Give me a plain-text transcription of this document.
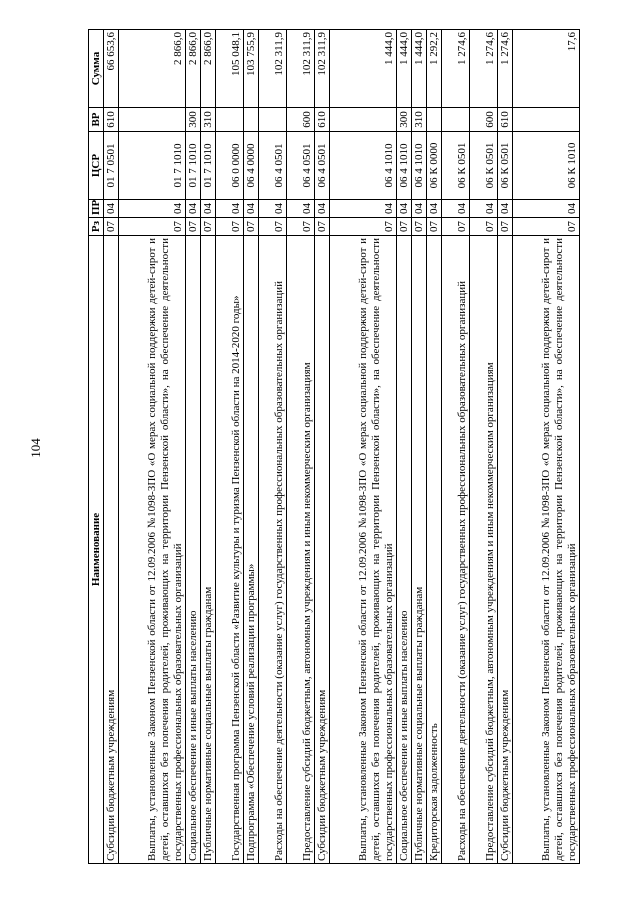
104
Наименование	Рз	ПР	ЦСР	ВР	Сумма
Субсидии бюджетным учреждениям	07	04	01 7 0501	610	66 653,6
Выплаты, установленные Законом Пензенской области от 12.09.2006 №1098-ЗПО «О мерах социальной поддержки детей-сирот и детей, оставшихся без попечения родителей, проживающих на территории Пензенской области», на обеспечение деятельности государственных профессиональных образовательных организаций	07	04	01 7 1010		2 866,0
Социальное обеспечение и иные выплаты населению	07	04	01 7 1010	300	2 866,0
Публичные нормативные социальные выплаты гражданам	07	04	01 7 1010	310	2 866,0
Государственная программа Пензенской области «Развитие культуры и туризма Пензенской области на 2014-2020 годы»	07	04	06 0 0000		105 048,1
Подпрограмма «Обеспечение условий реализации программы»	07	04	06 4 0000		103 755,9
Расходы на обеспечение деятельности (оказание услуг) государственных профессиональных образовательных организаций	07	04	06 4 0501		102 311,9
Предоставление субсидий бюджетным, автономным учреждениям и иным некоммерческим организациям	07	04	06 4 0501	600	102 311,9
Субсидии бюджетным учреждениям	07	04	06 4 0501	610	102 311,9
Выплаты, установленные Законом Пензенской области от 12.09.2006 №1098-ЗПО «О мерах социальной поддержки детей-сирот и детей, оставшихся без попечения родителей, проживающих на территории Пензенской области», на обеспечение деятельности государственных профессиональных образовательных организаций	07	04	06 4 1010		1 444,0
Социальное обеспечение и иные выплаты населению	07	04	06 4 1010	300	1 444,0
Публичные нормативные социальные выплаты гражданам	07	04	06 4 1010	310	1 444,0
Кредиторская задолженность	07	04	06 К 0000		1 292,2
Расходы на обеспечение деятельности (оказание услуг) государственных профессиональных образовательных организаций	07	04	06 К 0501		1 274,6
Предоставление субсидий бюджетным, автономным учреждениям и иным некоммерческим организациям	07	04	06 К 0501	600	1 274,6
Субсидии бюджетным учреждениям	07	04	06 К 0501	610	1 274,6
Выплаты, установленные Законом Пензенской области от 12.09.2006 №1098-ЗПО «О мерах социальной поддержки детей-сирот и детей, оставшихся без попечения родителей, проживающих на территории Пензенской области», на обеспечение деятельности государственных профессиональных образовательных организаций	07	04	06 К 1010		17,6
